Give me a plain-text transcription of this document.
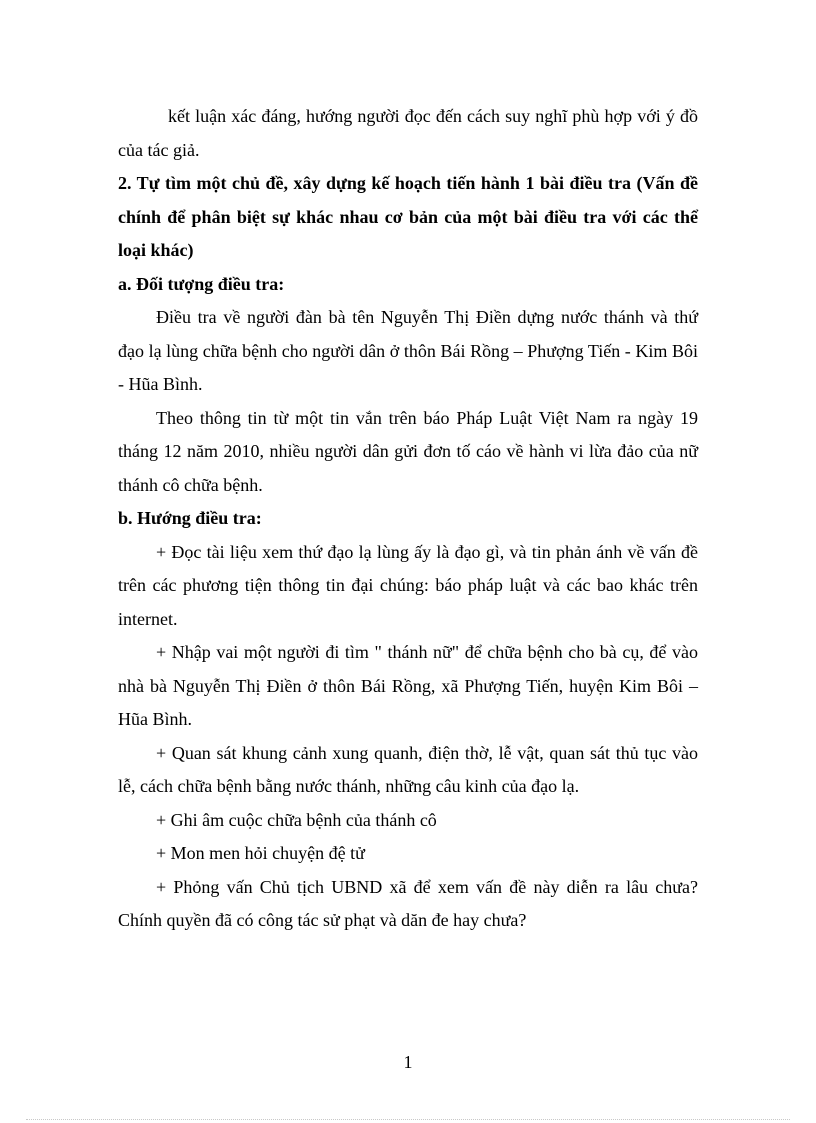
kết luận xác đáng, hướng người đọc đến cách suy nghĩ phù hợp với ý đồ của tác giả.

2. Tự tìm một chủ đề, xây dựng kế hoạch tiến hành 1 bài điều tra (Vấn đề chính để phân biệt sự khác nhau cơ bản của một bài điều tra với các thể loại khác)

a. Đối tượng điều tra:

Điều tra về người đàn bà tên Nguyễn Thị Điền dựng nước thánh và thứ đạo lạ lùng chữa bệnh cho người dân ở thôn Bái Rồng – Phượng Tiến - Kim Bôi - Hũa Bình.

Theo thông tin từ một tin vắn trên báo Pháp Luật Việt Nam ra ngày 19 tháng 12 năm 2010, nhiều người dân gửi đơn tố cáo về hành vi lừa đảo của nữ thánh cô chữa bệnh.

b. Hướng điều tra:

+ Đọc tài liệu xem thứ đạo lạ lùng ấy là đạo gì, và tin phản ánh về vấn đề trên các phương tiện thông tin đại chúng: báo pháp luật và các bao khác trên internet.

+ Nhập vai một người đi tìm " thánh nữ" để chữa bệnh cho bà cụ, để vào nhà bà Nguyễn Thị Điền ở thôn Bái Rồng, xã Phượng Tiến, huyện Kim Bôi – Hũa Bình.

+ Quan sát khung cảnh xung quanh, điện thờ, lễ vật, quan sát thủ tục vào lễ, cách chữa bệnh bằng nước thánh, những câu kinh của đạo lạ.

+ Ghi âm cuộc chữa bệnh của thánh cô

+ Mon men hỏi chuyện đệ tử

+ Phỏng vấn Chủ tịch UBND xã để xem vấn đề này diễn ra lâu chưa? Chính quyền đã có công tác sử phạt và dăn đe hay chưa?

1
